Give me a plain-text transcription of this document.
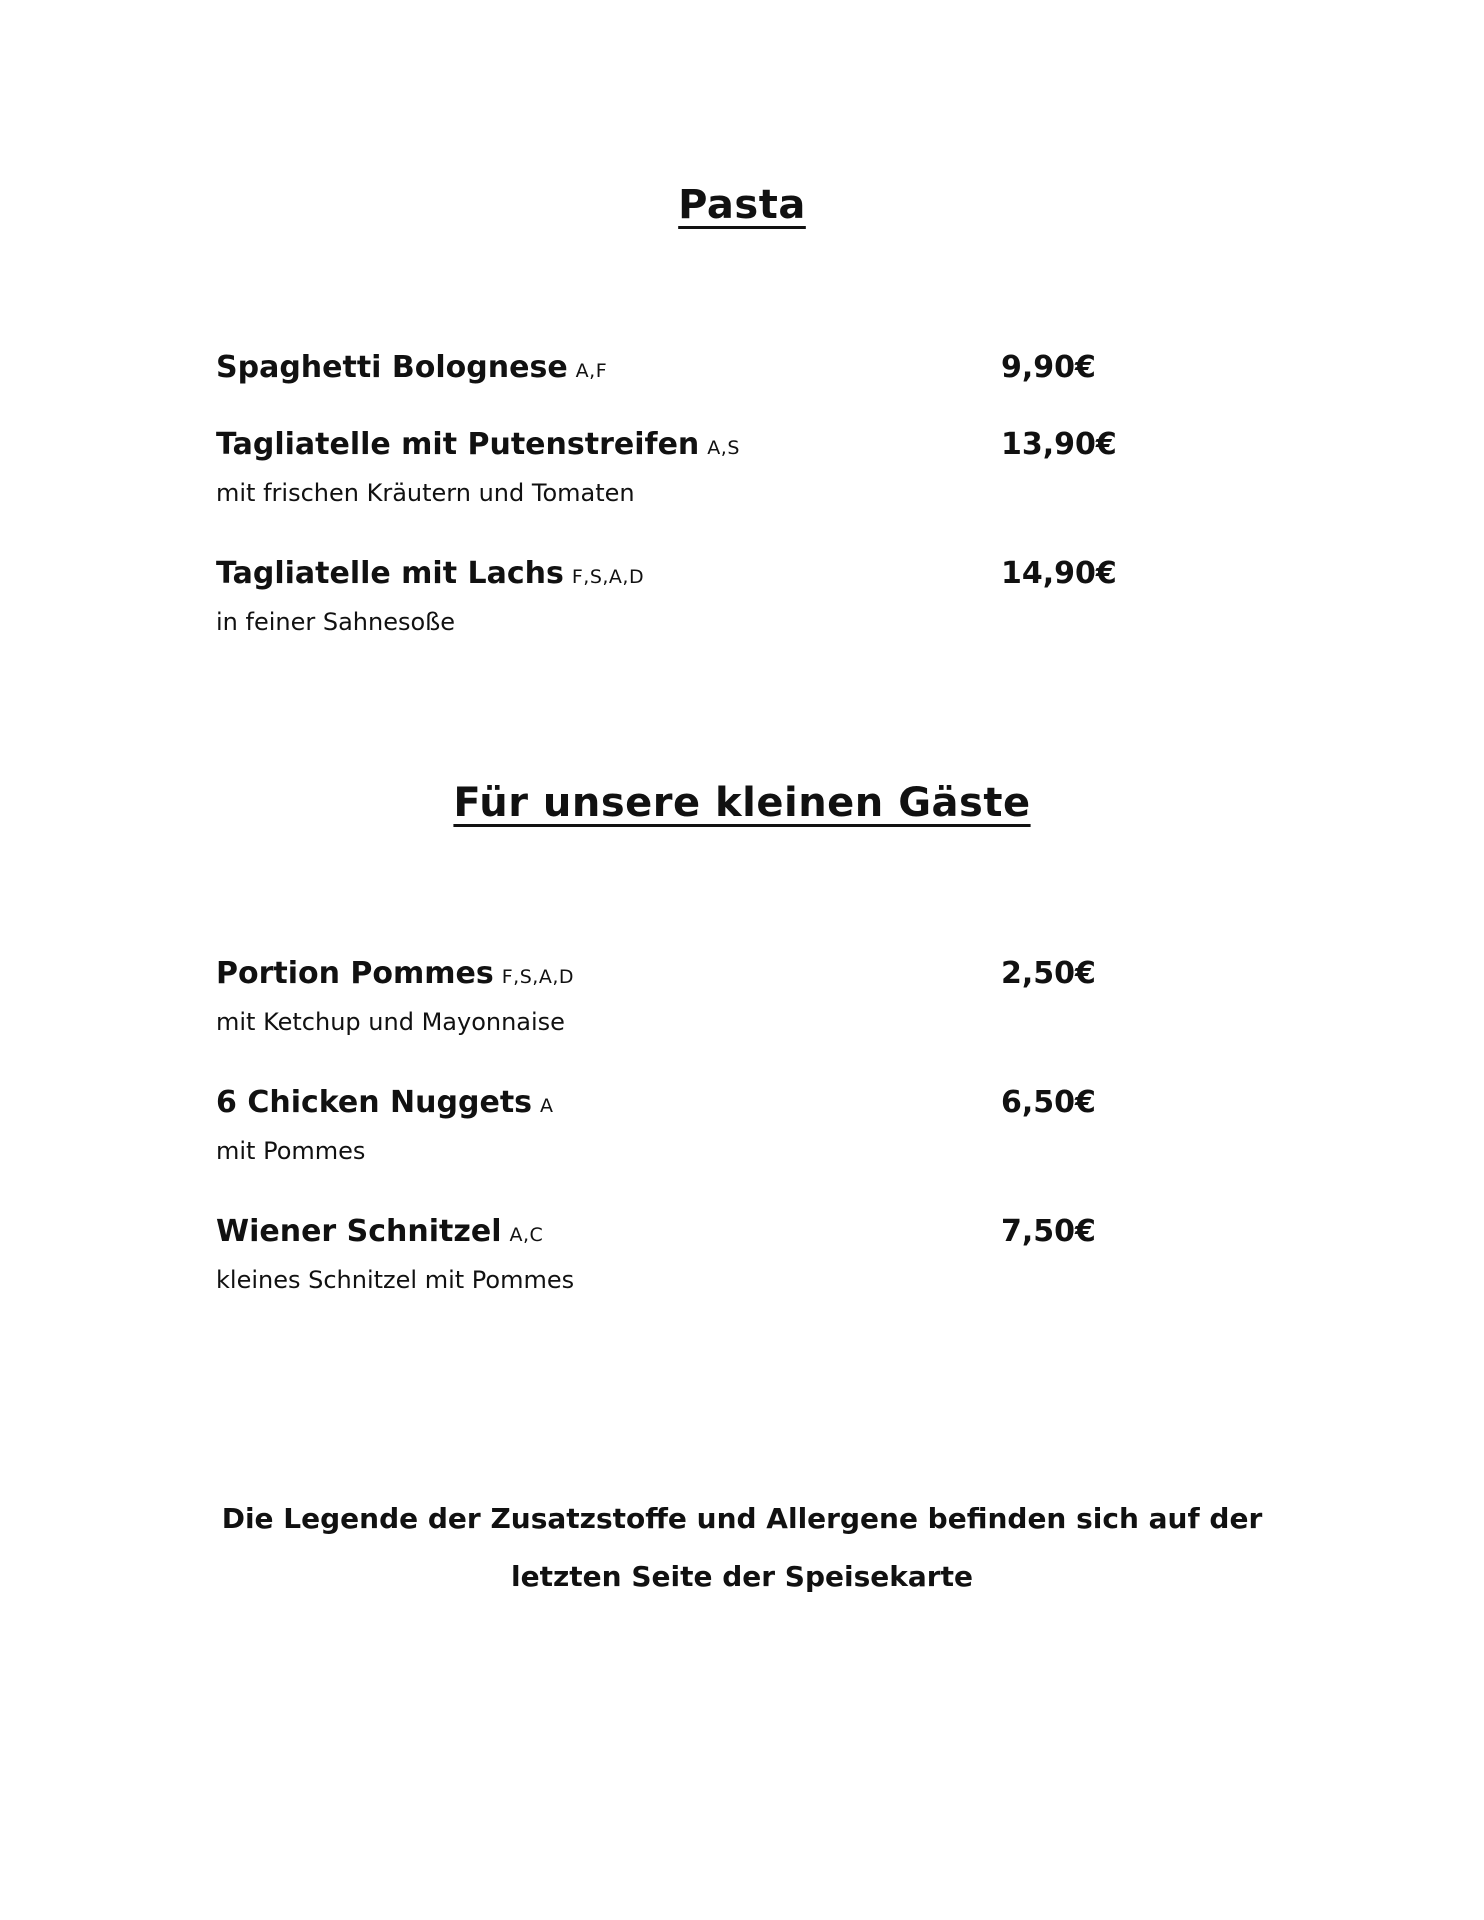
Pasta
Spaghetti Bolognese A,F	9,90€
Tagliatelle mit Putenstreifen A,S	13,90€
mit frischen Kräutern und Tomaten
Tagliatelle mit Lachs F,S,A,D	14,90€
in feiner Sahnesoße
Für unsere kleinen Gäste
Portion Pommes F,S,A,D	2,50€
mit Ketchup und Mayonnaise
6 Chicken Nuggets A	6,50€
mit Pommes
Wiener Schnitzel A,C	7,50€
kleines Schnitzel mit Pommes
Die Legende der Zusatzstoffe und Allergene befinden sich auf der
letzten Seite der Speisekarte
